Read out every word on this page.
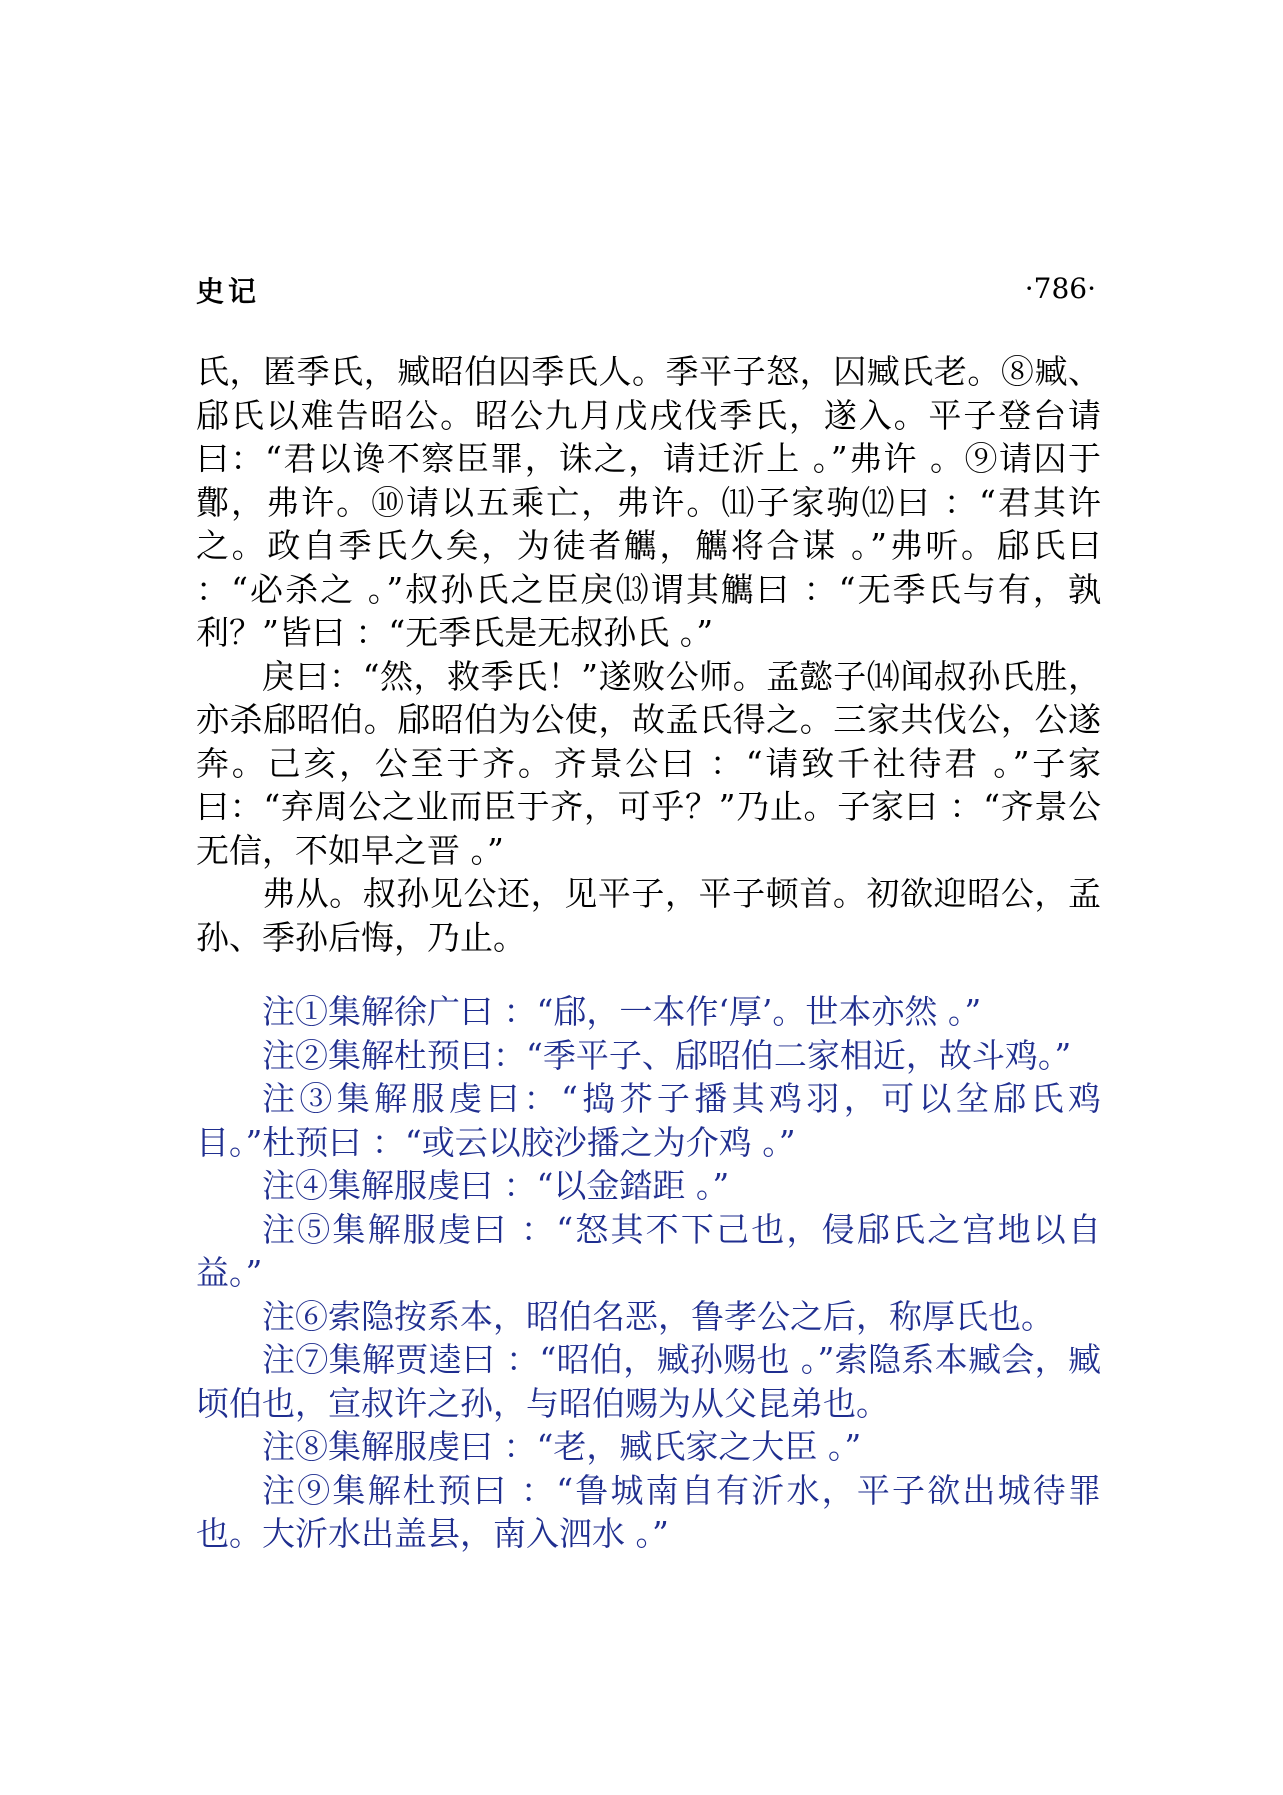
史记	·786·

氏，匿季氏，臧昭伯囚季氏人。季平子怒，囚臧氏老。⑧臧、郈氏以难告昭公。昭公九月戊戌伐季氏，遂入。平子登台请曰：“君以谗不察臣罪，诛之，请迁沂上 。”弗许 。⑨请囚于鄪，弗许。⑩请以五乘亡，弗许。⑾子家驹⑿曰 ：“君其许之。政自季氏久矣，为徒者觽，觽将合谋 。”弗听。郈氏曰 ：“必杀之 。”叔孙氏之臣戾⒀谓其觽曰 ：“无季氏与有，孰利？”皆曰 ：“无季氏是无叔孙氏 。”

戾曰：“然，救季氏！”遂败公师。孟懿子⒁闻叔孙氏胜，亦杀郈昭伯。郈昭伯为公使，故孟氏得之。三家共伐公，公遂奔。己亥，公至于齐。齐景公曰 ：“请致千社待君 。”子家曰：“弃周公之业而臣于齐，可乎？”乃止。子家曰 ：“齐景公无信，不如早之晋 。”

弗从。叔孙见公还，见平子，平子顿首。初欲迎昭公，孟孙、季孙后悔，乃止。

注①集解徐广曰 ：“郈，一本作‘厚’。世本亦然 。”

注②集解杜预曰：“季平子、郈昭伯二家相近，故斗鸡。”

注③集解服虔曰：“捣芥子播其鸡羽，可以坌郈氏鸡目。”杜预曰 ：“或云以胶沙播之为介鸡 。”

注④集解服虔曰 ：“以金錔距 。”

注⑤集解服虔曰 ：“怒其不下己也，侵郈氏之宫地以自益。”

注⑥索隐按系本，昭伯名恶，鲁孝公之后，称厚氏也。

注⑦集解贾逵曰 ：“昭伯，臧孙赐也 。”索隐系本臧会，臧顷伯也，宣叔许之孙，与昭伯赐为从父昆弟也。

注⑧集解服虔曰 ：“老，臧氏家之大臣 。”

注⑨集解杜预曰 ：“鲁城南自有沂水，平子欲出城待罪也。大沂水出盖县，南入泗水 。”
